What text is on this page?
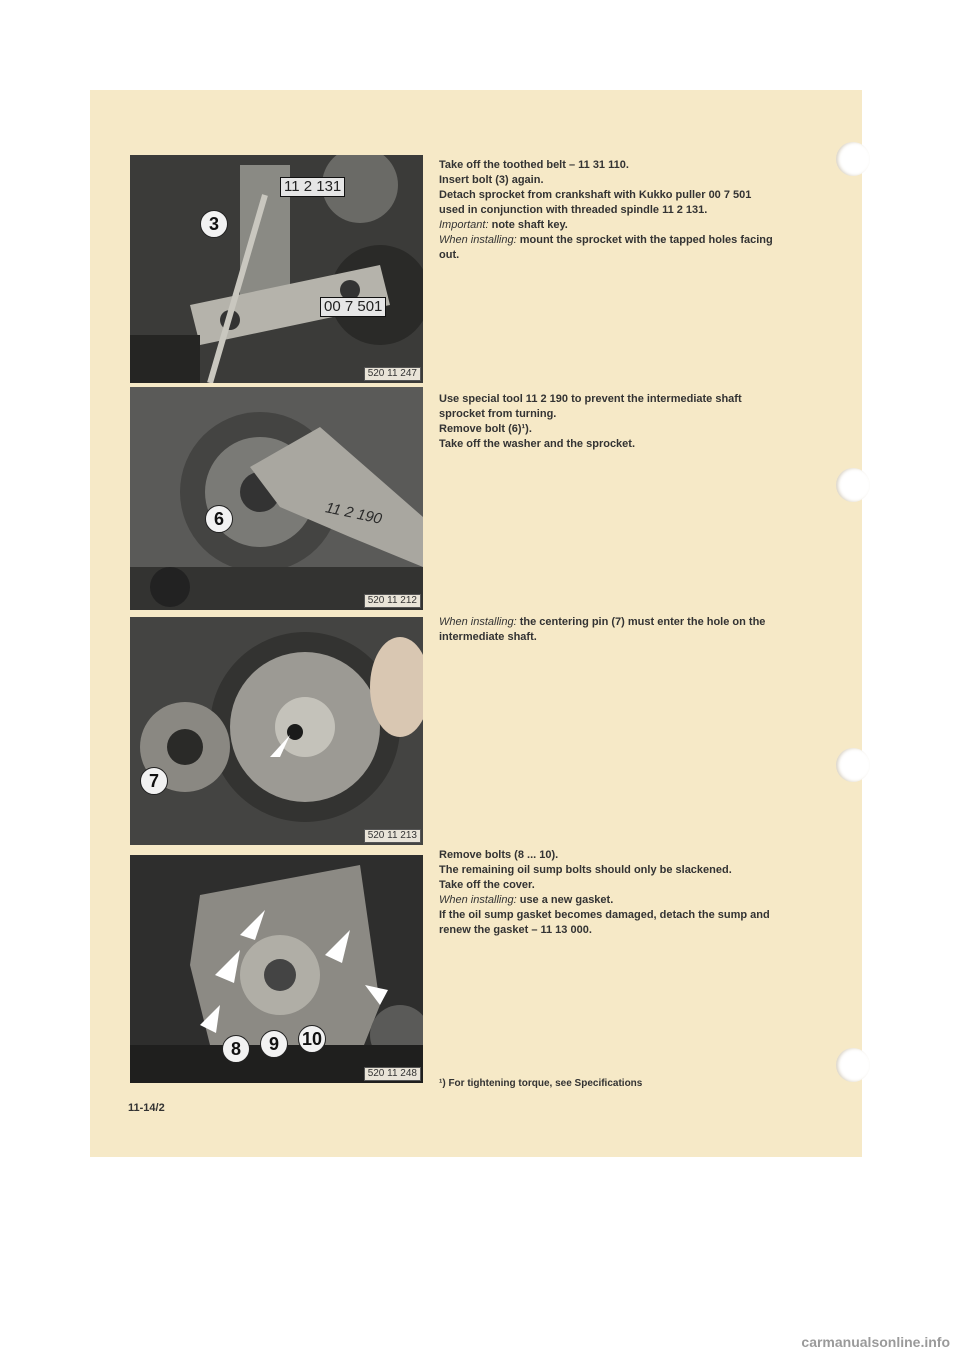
11 2 131
00 7 501
3
520 11 247
11 2 190
6
520 11 212
7
520 11 213
8	9	10
520 11 248

Take off the toothed belt – 11 31 110.

Insert bolt (3) again.

Detach sprocket from crankshaft with Kukko puller 00 7 501 used in conjunction with threaded spindle 11 2 131.

Important: note shaft key.

When installing: mount the sprocket with the tapped holes facing out.

Use special tool 11 2 190 to prevent the intermediate shaft sprocket from turning.

Remove bolt (6)¹).

Take off the washer and the sprocket.

When installing: the centering pin (7) must enter the hole on the intermediate shaft.

Remove bolts (8 ... 10).

The remaining oil sump bolts should only be slackened.

Take off the cover.

When installing: use a new gasket.

If the oil sump gasket becomes damaged, detach the sump and renew the gasket – 11 13 000.

¹) For tightening torque, see Specifications
11-14/2
carmanualsonline.info
